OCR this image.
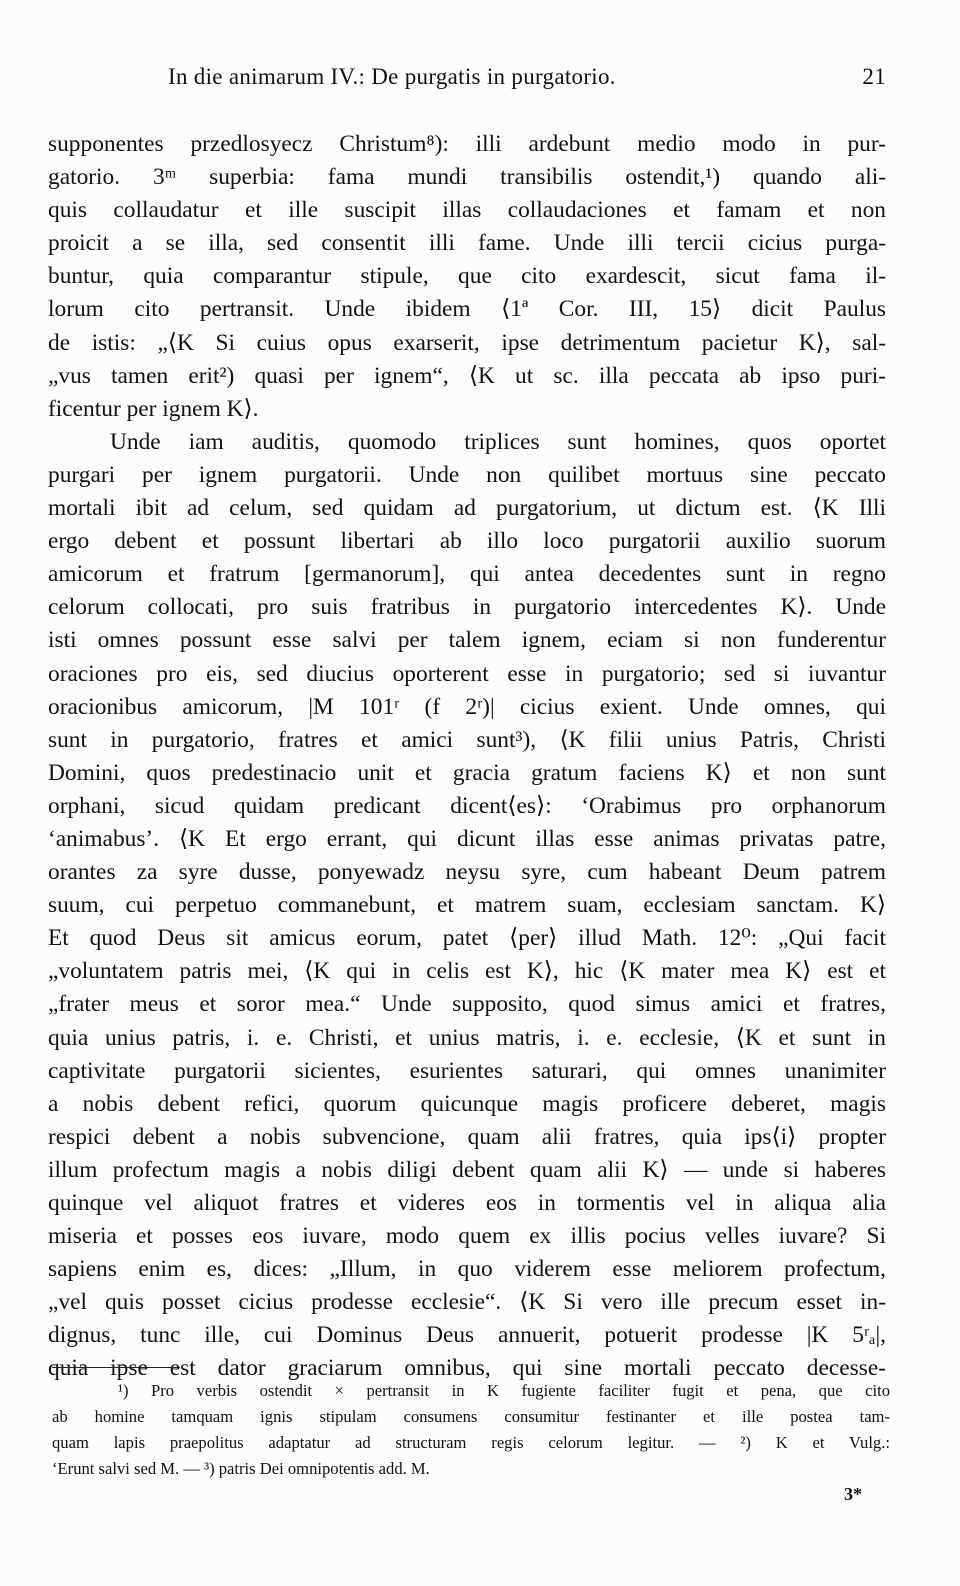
In die animarum IV.: De purgatis in purgatorio.	21
supponentes przedlosyecz Christum⁸): illi ardebunt medio modo in pur-
gatorio. 3ᵐ superbia: fama mundi transibilis ostendit,¹) quando ali-
quis collaudatur et ille suscipit illas collaudaciones et famam et non
proicit a se illa, sed consentit illi fame. Unde illi tercii cicius purga-
buntur, quia comparantur stipule, que cito exardescit, sicut fama il-
lorum cito pertransit. Unde ibidem ⟨1ª Cor. III, 15⟩ dicit Paulus
de istis: „⟨K Si cuius opus exarserit, ipse detrimentum pacietur K⟩, sal-
„vus tamen erit²) quasi per ignem“, ⟨K ut sc. illa peccata ab ipso puri-
ficentur per ignem K⟩.
Unde iam auditis, quomodo triplices sunt homines, quos oportet
purgari per ignem purgatorii. Unde non quilibet mortuus sine peccato
mortali ibit ad celum, sed quidam ad purgatorium, ut dictum est. ⟨K Illi
ergo debent et possunt libertari ab illo loco purgatorii auxilio suorum
amicorum et fratrum [germanorum], qui antea decedentes sunt in regno
celorum collocati, pro suis fratribus in purgatorio intercedentes K⟩. Unde
isti omnes possunt esse salvi per talem ignem, eciam si non funderentur
oraciones pro eis, sed diucius oporterent esse in purgatorio; sed si iuvantur
oracionibus amicorum, |M 101ʳ (f 2ʳ)| cicius exient. Unde omnes, qui
sunt in purgatorio, fratres et amici sunt³), ⟨K filii unius Patris, Christi
Domini, quos predestinacio unit et gracia gratum faciens K⟩ et non sunt
orphani, sicud quidam predicant dicent⟨es⟩: ‘Orabimus pro orphanorum
‘animabus’. ⟨K Et ergo errant, qui dicunt illas esse animas privatas patre,
orantes za syre dusse, ponyewadz neysu syre, cum habeant Deum patrem
suum, cui perpetuo commanebunt, et matrem suam, ecclesiam sanctam. K⟩
Et quod Deus sit amicus eorum, patet ⟨per⟩ illud Math. 12⁰: „Qui facit
„voluntatem patris mei, ⟨K qui in celis est K⟩, hic ⟨K mater mea K⟩ est et
„frater meus et soror mea.“ Unde supposito, quod simus amici et fratres,
quia unius patris, i. e. Christi, et unius matris, i. e. ecclesie, ⟨K et sunt in
captivitate purgatorii sicientes, esurientes saturari, qui omnes unanimiter
a nobis debent refici, quorum quicunque magis proficere deberet, magis
respici debent a nobis subvencione, quam alii fratres, quia ips⟨i⟩ propter
illum profectum magis a nobis diligi debent quam alii K⟩ — unde si haberes
quinque vel aliquot fratres et videres eos in tormentis vel in aliqua alia
miseria et posses eos iuvare, modo quem ex illis pocius velles iuvare? Si
sapiens enim es, dices: „Illum, in quo viderem esse meliorem profectum,
„vel quis posset cicius prodesse ecclesie“. ⟨K Si vero ille precum esset in-
dignus, tunc ille, cui Dominus Deus annuerit, potuerit prodesse |K 5ʳₐ|,
quia ipse est dator graciarum omnibus, qui sine mortali peccato decesse-
¹) Pro verbis ostendit × pertransit in K fugiente faciliter fugit et pena, que cito
ab homine tamquam ignis stipulam consumens consumitur festinanter et ille postea tam-
quam lapis praepolitus adaptatur ad structuram regis celorum legitur. — ²) K et Vulg.:
‘Erunt salvi sed M. — ³) patris Dei omnipotentis add. M.
3*
